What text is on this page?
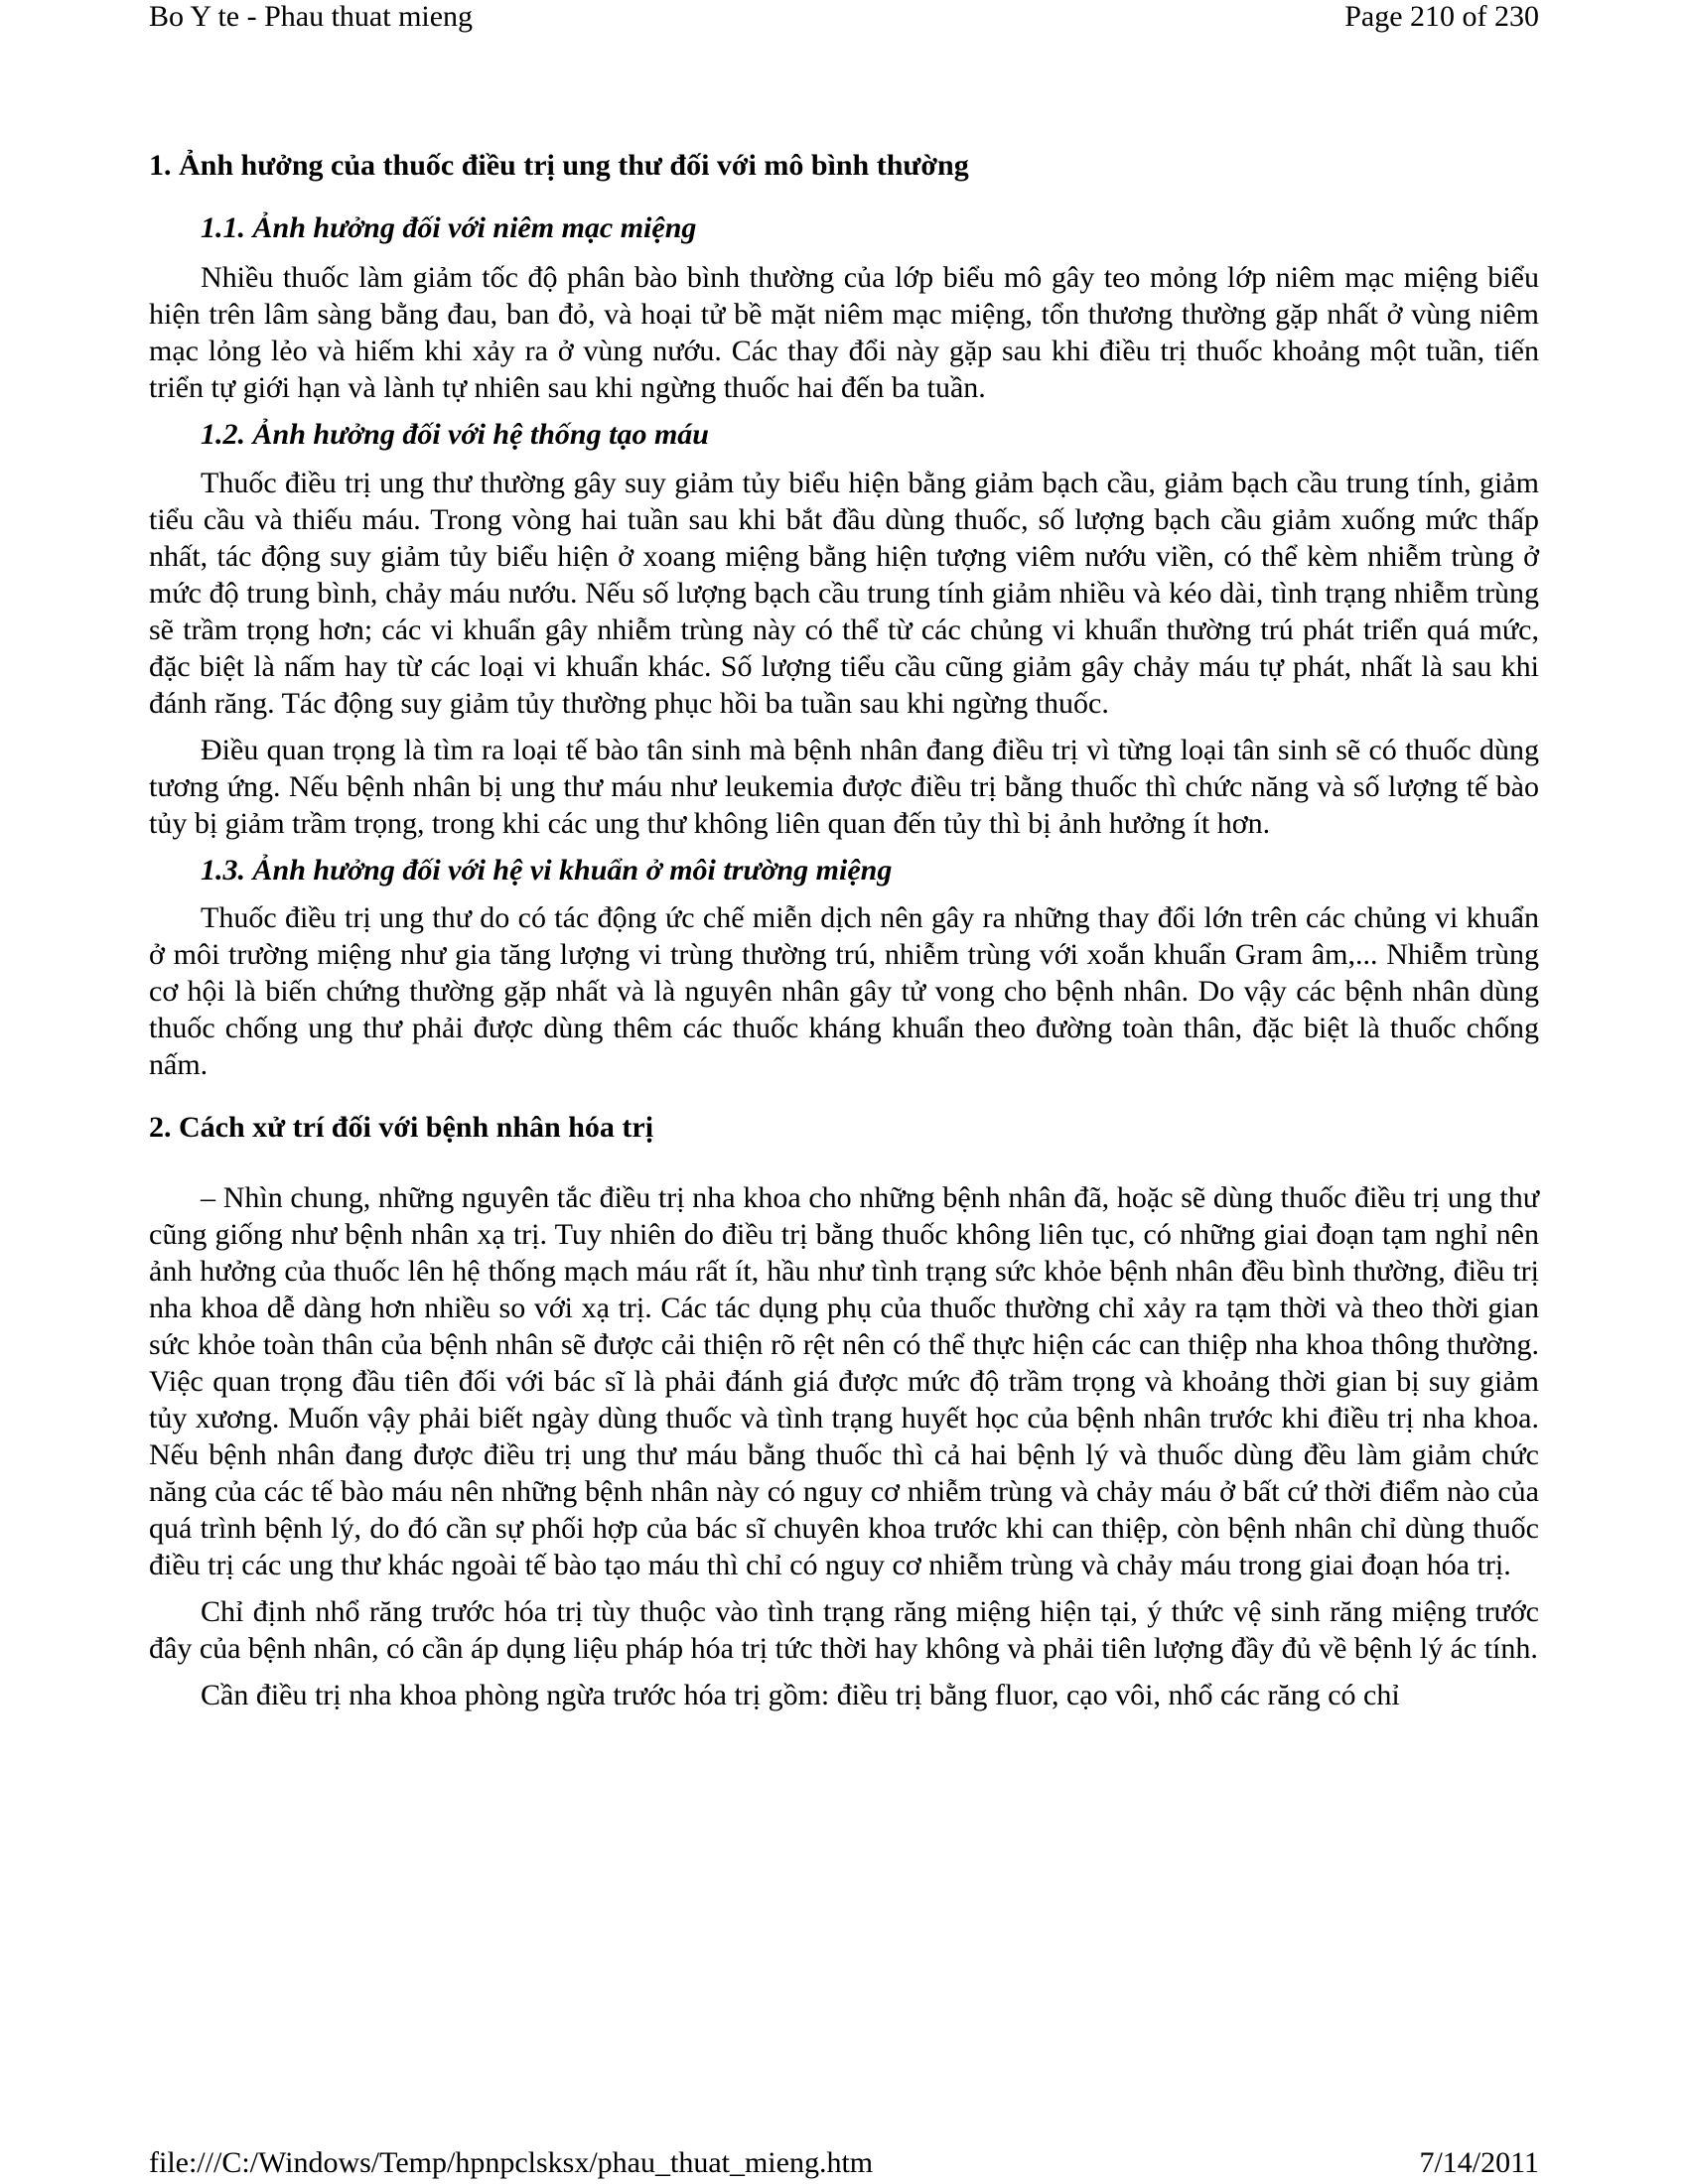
Bo Y te - Phau thuat mieng	Page 210 of 230
1. Ảnh hưởng của thuốc điều trị ung thư đối với mô bình thường
1.1. Ảnh hưởng đối với niêm mạc miệng

Nhiều thuốc làm giảm tốc độ phân bào bình thường của lớp biểu mô gây teo mỏng lớp niêm mạc miệng biểu hiện trên lâm sàng bằng đau, ban đỏ, và hoại tử bề mặt niêm mạc miệng, tổn thương thường gặp nhất ở vùng niêm mạc lỏng lẻo và hiếm khi xảy ra ở vùng nướu. Các thay đổi này gặp sau khi điều trị thuốc khoảng một tuần, tiến triển tự giới hạn và lành tự nhiên sau khi ngừng thuốc hai đến ba tuần.

1.2. Ảnh hưởng đối với hệ thống tạo máu

Thuốc điều trị ung thư thường gây suy giảm tủy biểu hiện bằng giảm bạch cầu, giảm bạch cầu trung tính, giảm tiểu cầu và thiếu máu. Trong vòng hai tuần sau khi bắt đầu dùng thuốc, số lượng bạch cầu giảm xuống mức thấp nhất, tác động suy giảm tủy biểu hiện ở xoang miệng bằng hiện tượng viêm nướu viền, có thể kèm nhiễm trùng ở mức độ trung bình, chảy máu nướu. Nếu số lượng bạch cầu trung tính giảm nhiều và kéo dài, tình trạng nhiễm trùng sẽ trầm trọng hơn; các vi khuẩn gây nhiễm trùng này có thể từ các chủng vi khuẩn thường trú phát triển quá mức, đặc biệt là nấm hay từ các loại vi khuẩn khác. Số lượng tiểu cầu cũng giảm gây chảy máu tự phát, nhất là sau khi đánh răng. Tác động suy giảm tủy thường phục hồi ba tuần sau khi ngừng thuốc.

Điều quan trọng là tìm ra loại tế bào tân sinh mà bệnh nhân đang điều trị vì từng loại tân sinh sẽ có thuốc dùng tương ứng. Nếu bệnh nhân bị ung thư máu như leukemia được điều trị bằng thuốc thì chức năng và số lượng tế bào tủy bị giảm trầm trọng, trong khi các ung thư không liên quan đến tủy thì bị ảnh hưởng ít hơn.

1.3. Ảnh hưởng đối với hệ vi khuẩn ở môi trường miệng

Thuốc điều trị ung thư do có tác động ức chế miễn dịch nên gây ra những thay đổi lớn trên các chủng vi khuẩn ở môi trường miệng như gia tăng lượng vi trùng thường trú, nhiễm trùng với xoắn khuẩn Gram âm,... Nhiễm trùng cơ hội là biến chứng thường gặp nhất và là nguyên nhân gây tử vong cho bệnh nhân. Do vậy các bệnh nhân dùng thuốc chống ung thư phải được dùng thêm các thuốc kháng khuẩn theo đường toàn thân, đặc biệt là thuốc chống nấm.

2. Cách xử trí đối với bệnh nhân hóa trị

– Nhìn chung, những nguyên tắc điều trị nha khoa cho những bệnh nhân đã, hoặc sẽ dùng thuốc điều trị ung thư cũng giống như bệnh nhân xạ trị. Tuy nhiên do điều trị bằng thuốc không liên tục, có những giai đoạn tạm nghỉ nên ảnh hưởng của thuốc lên hệ thống mạch máu rất ít, hầu như tình trạng sức khỏe bệnh nhân đều bình thường, điều trị nha khoa dễ dàng hơn nhiều so với xạ trị. Các tác dụng phụ của thuốc thường chỉ xảy ra tạm thời và theo thời gian sức khỏe toàn thân của bệnh nhân sẽ được cải thiện rõ rệt nên có thể thực hiện các can thiệp nha khoa thông thường. Việc quan trọng đầu tiên đối với bác sĩ là phải đánh giá được mức độ trầm trọng và khoảng thời gian bị suy giảm tủy xương. Muốn vậy phải biết ngày dùng thuốc và tình trạng huyết học của bệnh nhân trước khi điều trị nha khoa. Nếu bệnh nhân đang được điều trị ung thư máu bằng thuốc thì cả hai bệnh lý và thuốc dùng đều làm giảm chức năng của các tế bào máu nên những bệnh nhân này có nguy cơ nhiễm trùng và chảy máu ở bất cứ thời điểm nào của quá trình bệnh lý, do đó cần sự phối hợp của bác sĩ chuyên khoa trước khi can thiệp, còn bệnh nhân chỉ dùng thuốc điều trị các ung thư khác ngoài tế bào tạo máu thì chỉ có nguy cơ nhiễm trùng và chảy máu trong giai đoạn hóa trị.

Chỉ định nhổ răng trước hóa trị tùy thuộc vào tình trạng răng miệng hiện tại, ý thức vệ sinh răng miệng trước đây của bệnh nhân, có cần áp dụng liệu pháp hóa trị tức thời hay không và phải tiên lượng đầy đủ về bệnh lý ác tính.

Cần điều trị nha khoa phòng ngừa trước hóa trị gồm: điều trị bằng fluor, cạo vôi, nhổ các răng có chỉ

file:///C:/Windows/Temp/hpnpclsksx/phau_thuat_mieng.htm	7/14/2011
